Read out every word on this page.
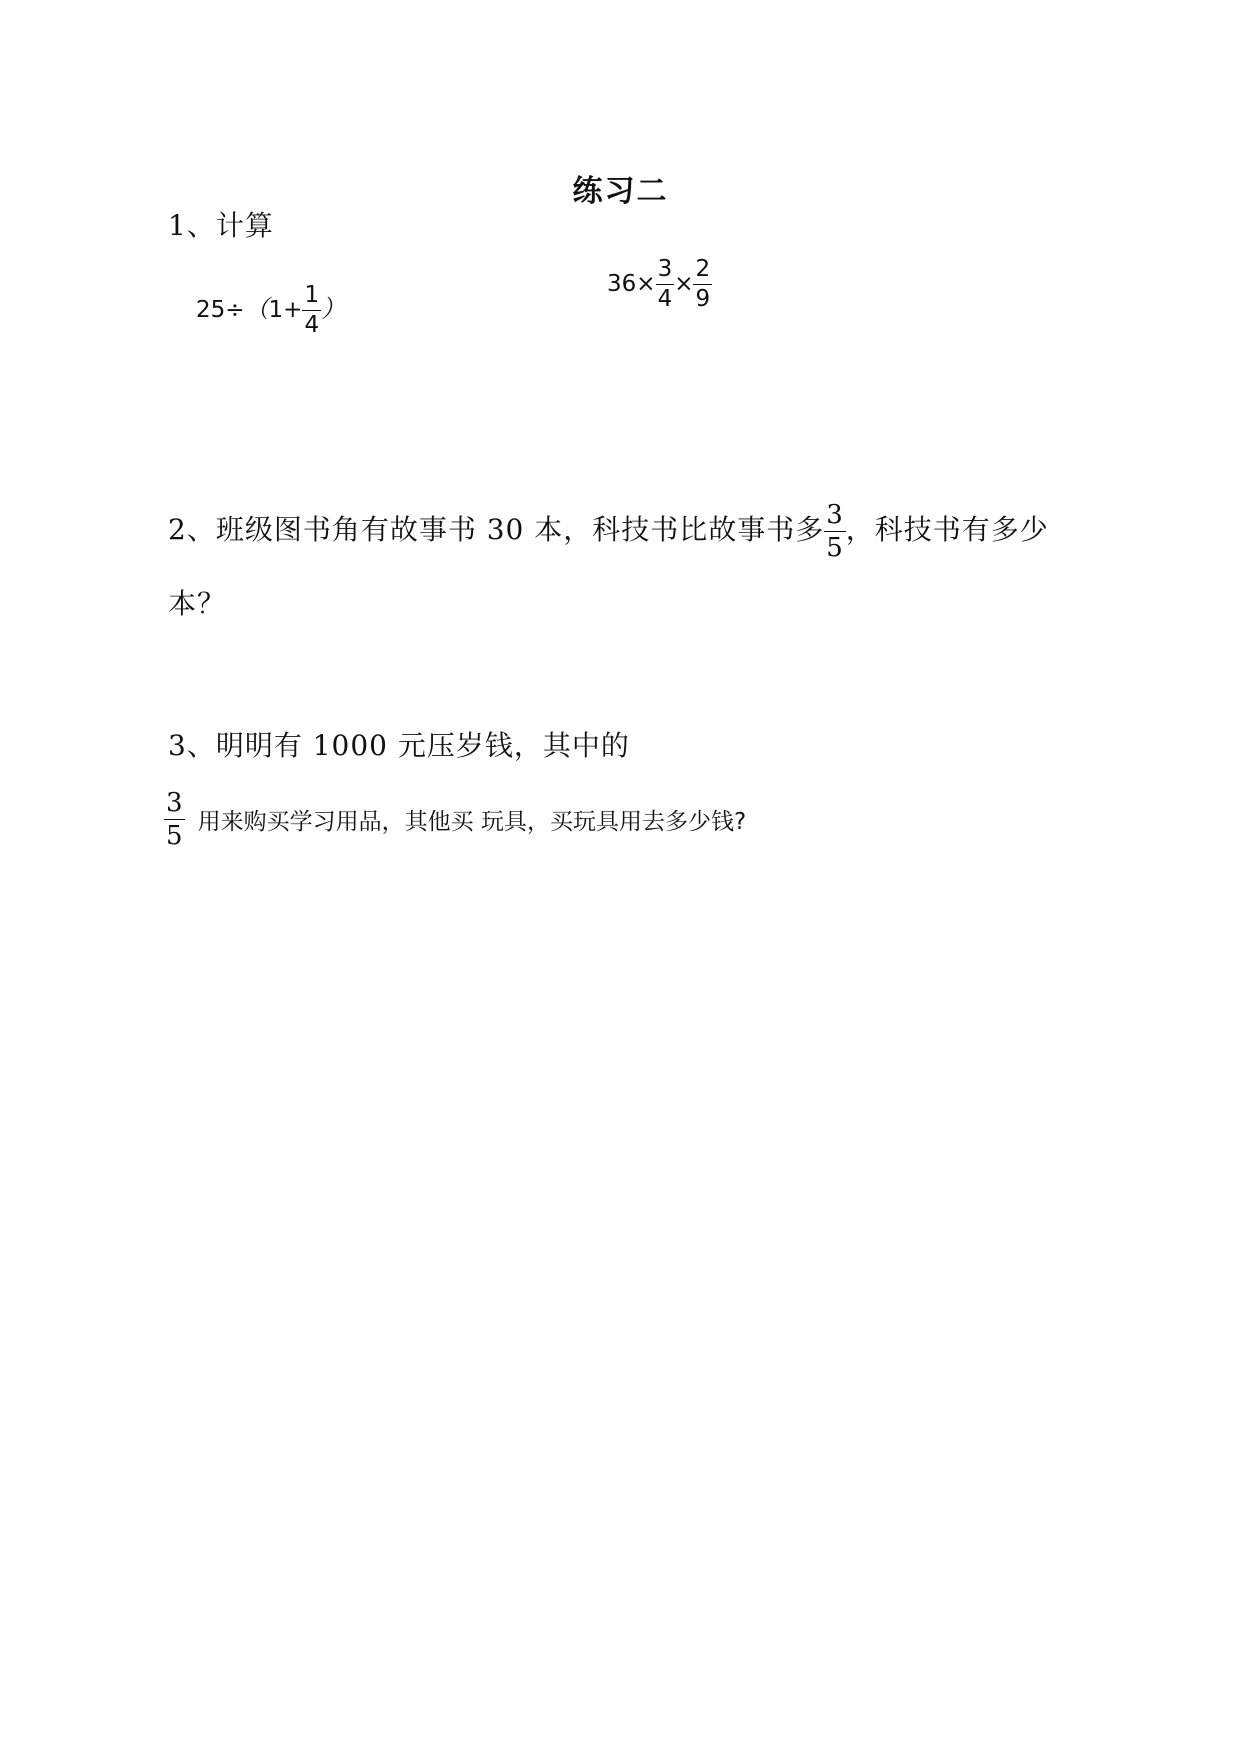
练习二
1、计算
$25\div(1+ \frac{1}{4}$ ）
$36\times \frac{3}{4} \times \frac{2}{9}$
2、班级图书角有故事书 30 本，科技书比故事书多 $\frac{3}{5}$ ，科技书有多少
本？
3、明明有 1000 元压岁钱，其中的
$\frac{3}{5}$ 用来购买学习用品，其他买 玩具，买玩具用去多少钱?
